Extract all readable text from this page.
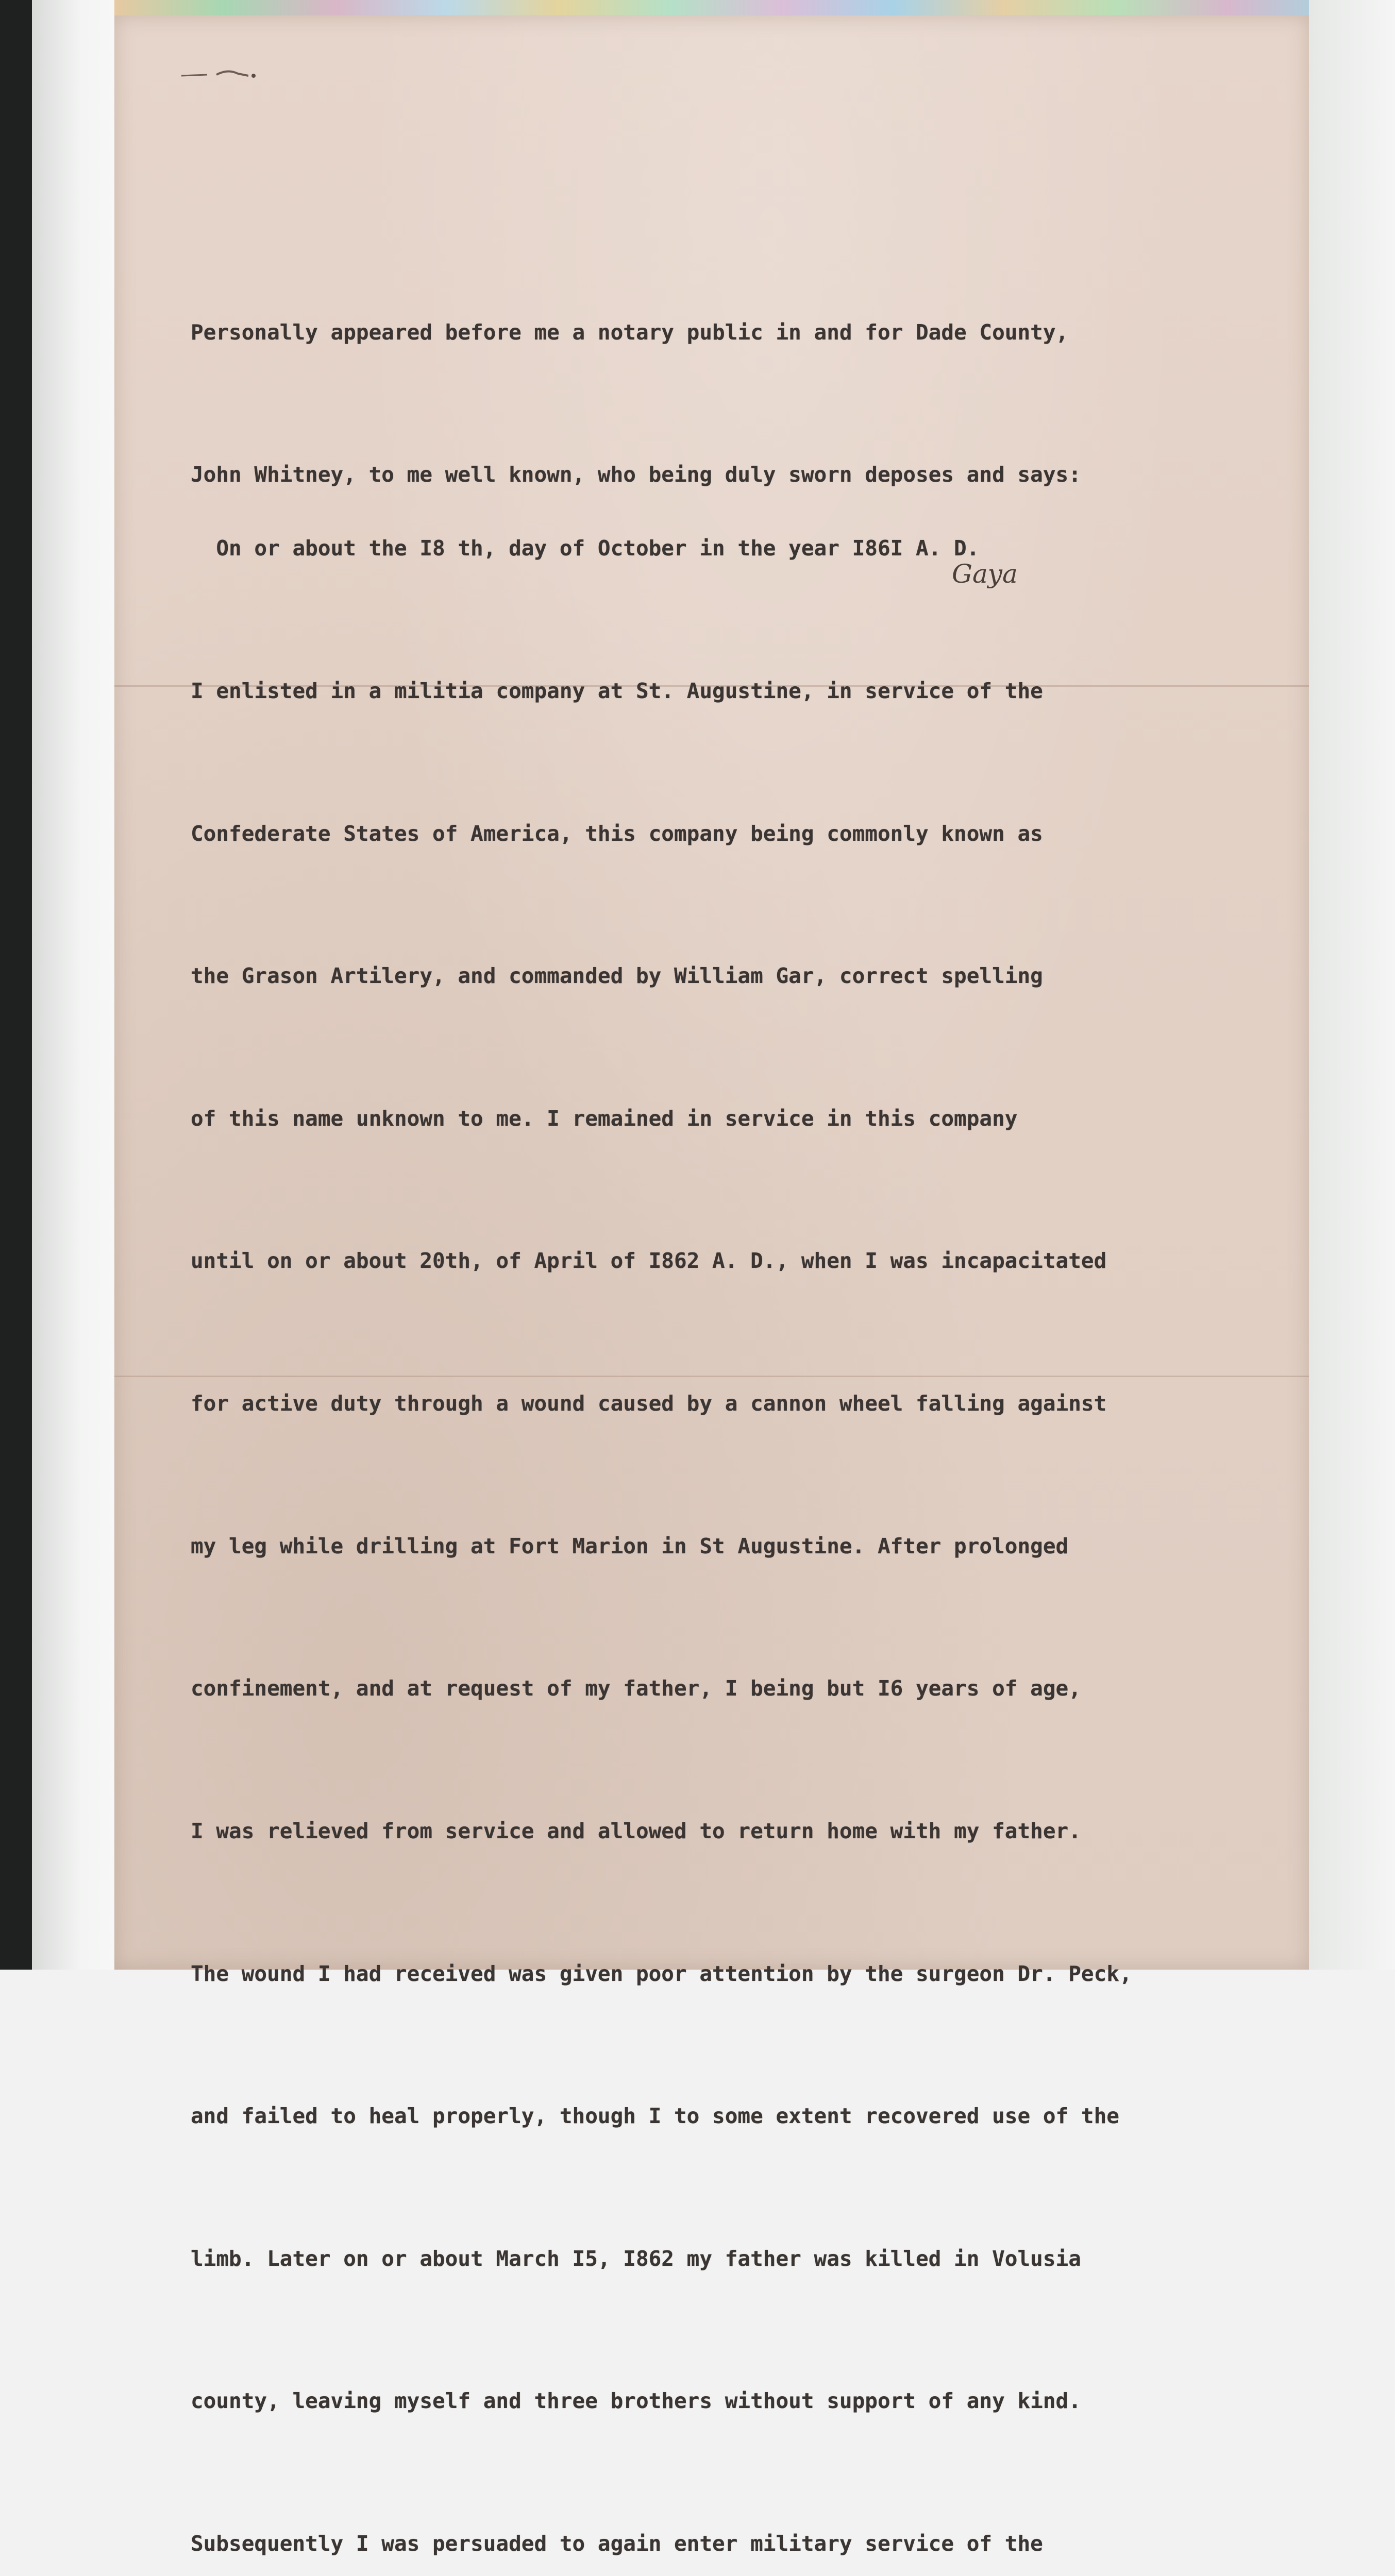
Personally appeared before me a notary public in and for Dade County,

John Whitney, to me well known, who being duly sworn deposes and says:

On or about the I8 th, day of October in the year I86I A. D.

I enlisted in a militia company at St. Augustine, in service of the

Confederate States of America, this company being commonly known as

the Grason Artilery, and commanded by William Gar, correct spelling

of this name unknown to me. I remained in service in this company

until on or about 20th, of April of I862 A. D., when I was incapacitated

for active duty through a wound caused by a cannon wheel falling against

my leg while drilling at Fort Marion in St Augustine. After prolonged

confinement, and at request of my father, I being but I6 years of age,

I was relieved from service and allowed to return home with my father.

The wound I had received was given poor attention by the surgeon Dr. Peck,

and failed to heal properly, though I to some extent recovered use of the

limb. Later on or about March I5, I862 my father was killed in Volusia

county, leaving myself and three brothers without support of any kind.

Subsequently I was persuaded to again enter military service of the

Gaya
